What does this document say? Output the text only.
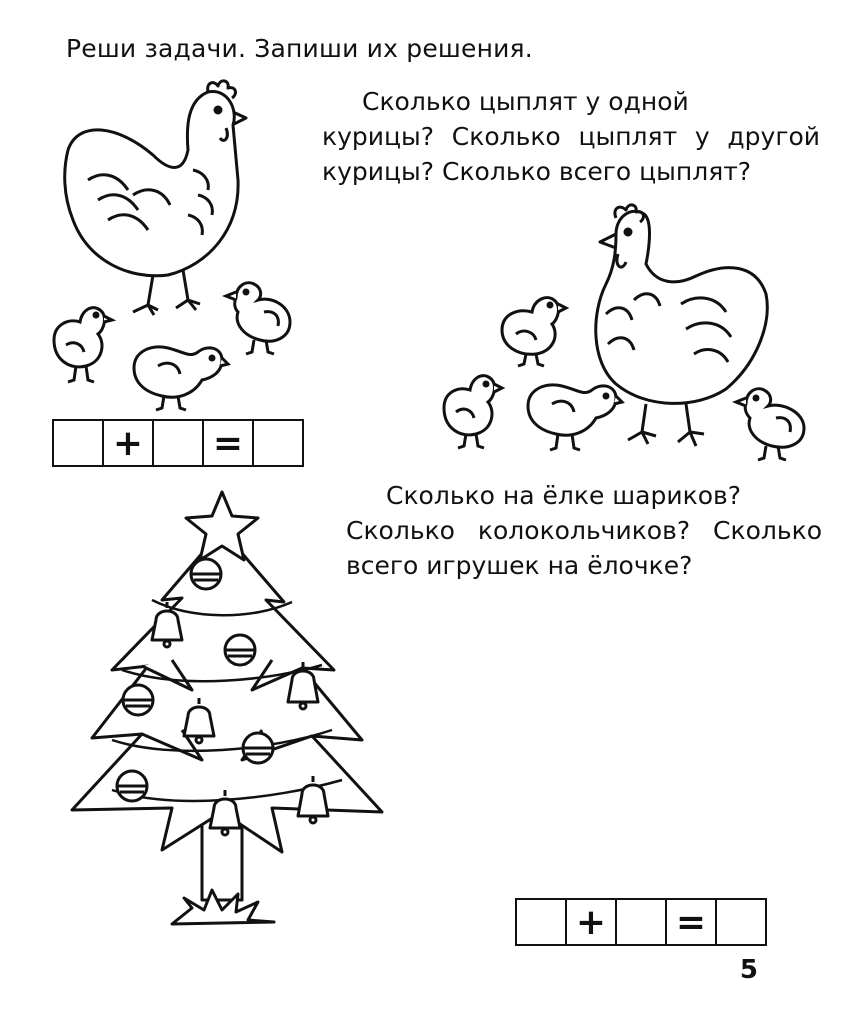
Реши задачи. Запиши их решения.
Сколько цыплят у одной
курицы? Сколько цыплят у другой курицы? Сколько всего цыплят?
Сколько на ёлке шариков?
Сколько колокольчиков? Сколько всего игрушек на ёлочке?
+	=
+	=
5
